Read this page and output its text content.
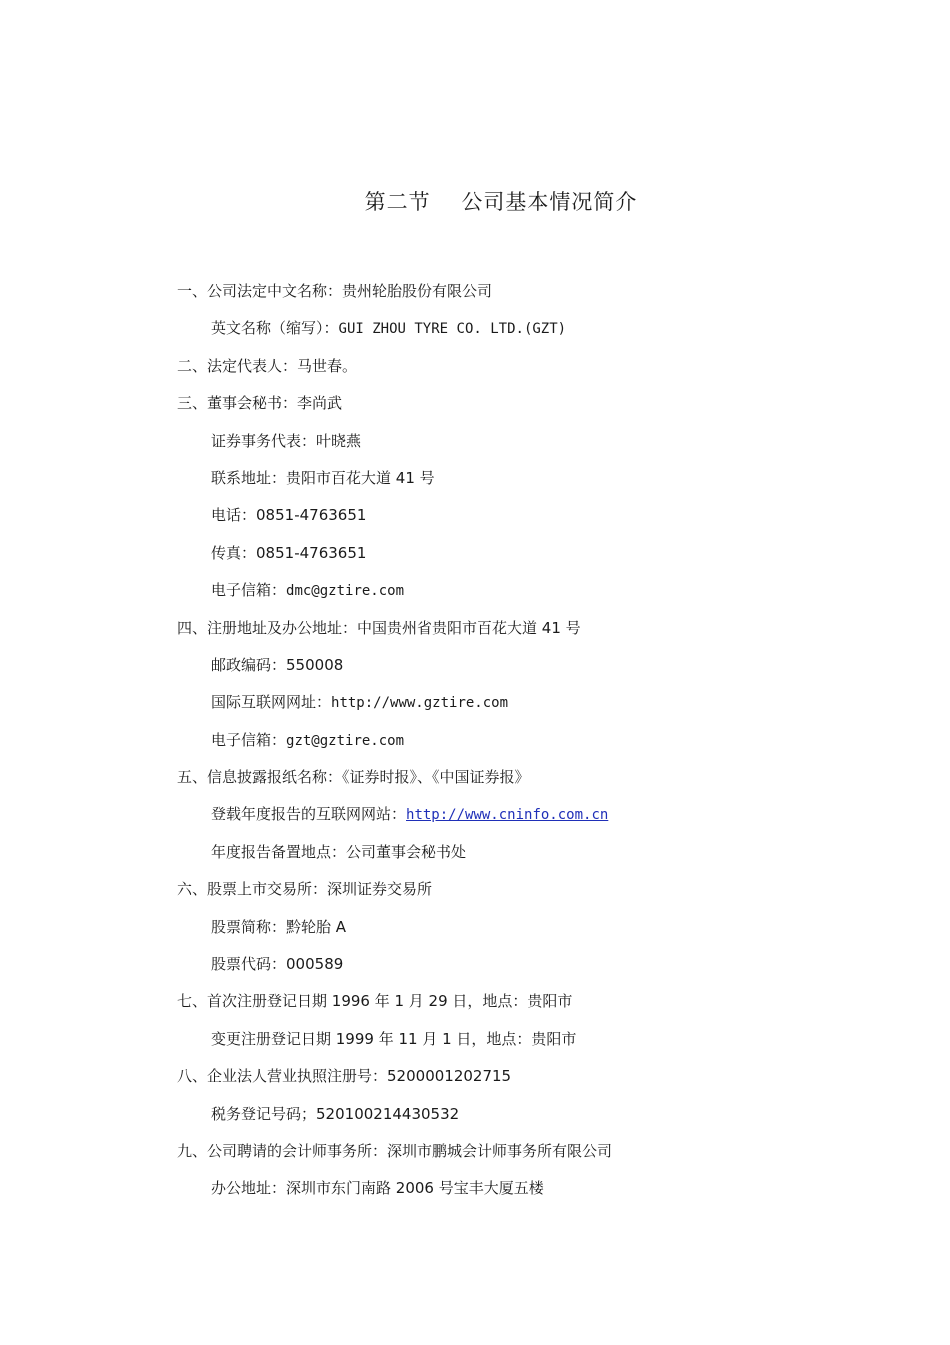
第二节    公司基本情况简介
一、公司法定中文名称：贵州轮胎股份有限公司
英文名称（缩写）：GUI ZHOU TYRE CO. LTD.(GZT)
二、法定代表人：马世春。
三、董事会秘书：李尚武
证券事务代表：叶晓燕
联系地址：贵阳市百花大道 41 号
电话：0851-4763651
传真：0851-4763651
电子信箱：dmc@gztire.com
四、注册地址及办公地址：中国贵州省贵阳市百花大道 41 号
邮政编码：550008
国际互联网网址：http://www.gztire.com
电子信箱：gzt@gztire.com
五、信息披露报纸名称：《证券时报》、《中国证券报》
登载年度报告的互联网网站：http://www.cninfo.com.cn
年度报告备置地点：公司董事会秘书处
六、股票上市交易所：深圳证券交易所
股票简称：黔轮胎 A
股票代码：000589
七、首次注册登记日期 1996 年 1 月 29 日，地点：贵阳市
变更注册登记日期 1999 年 11 月 1 日，地点：贵阳市
八、企业法人营业执照注册号：5200001202715
税务登记号码；520100214430532
九、公司聘请的会计师事务所：深圳市鹏城会计师事务所有限公司
办公地址：深圳市东门南路 2006 号宝丰大厦五楼
